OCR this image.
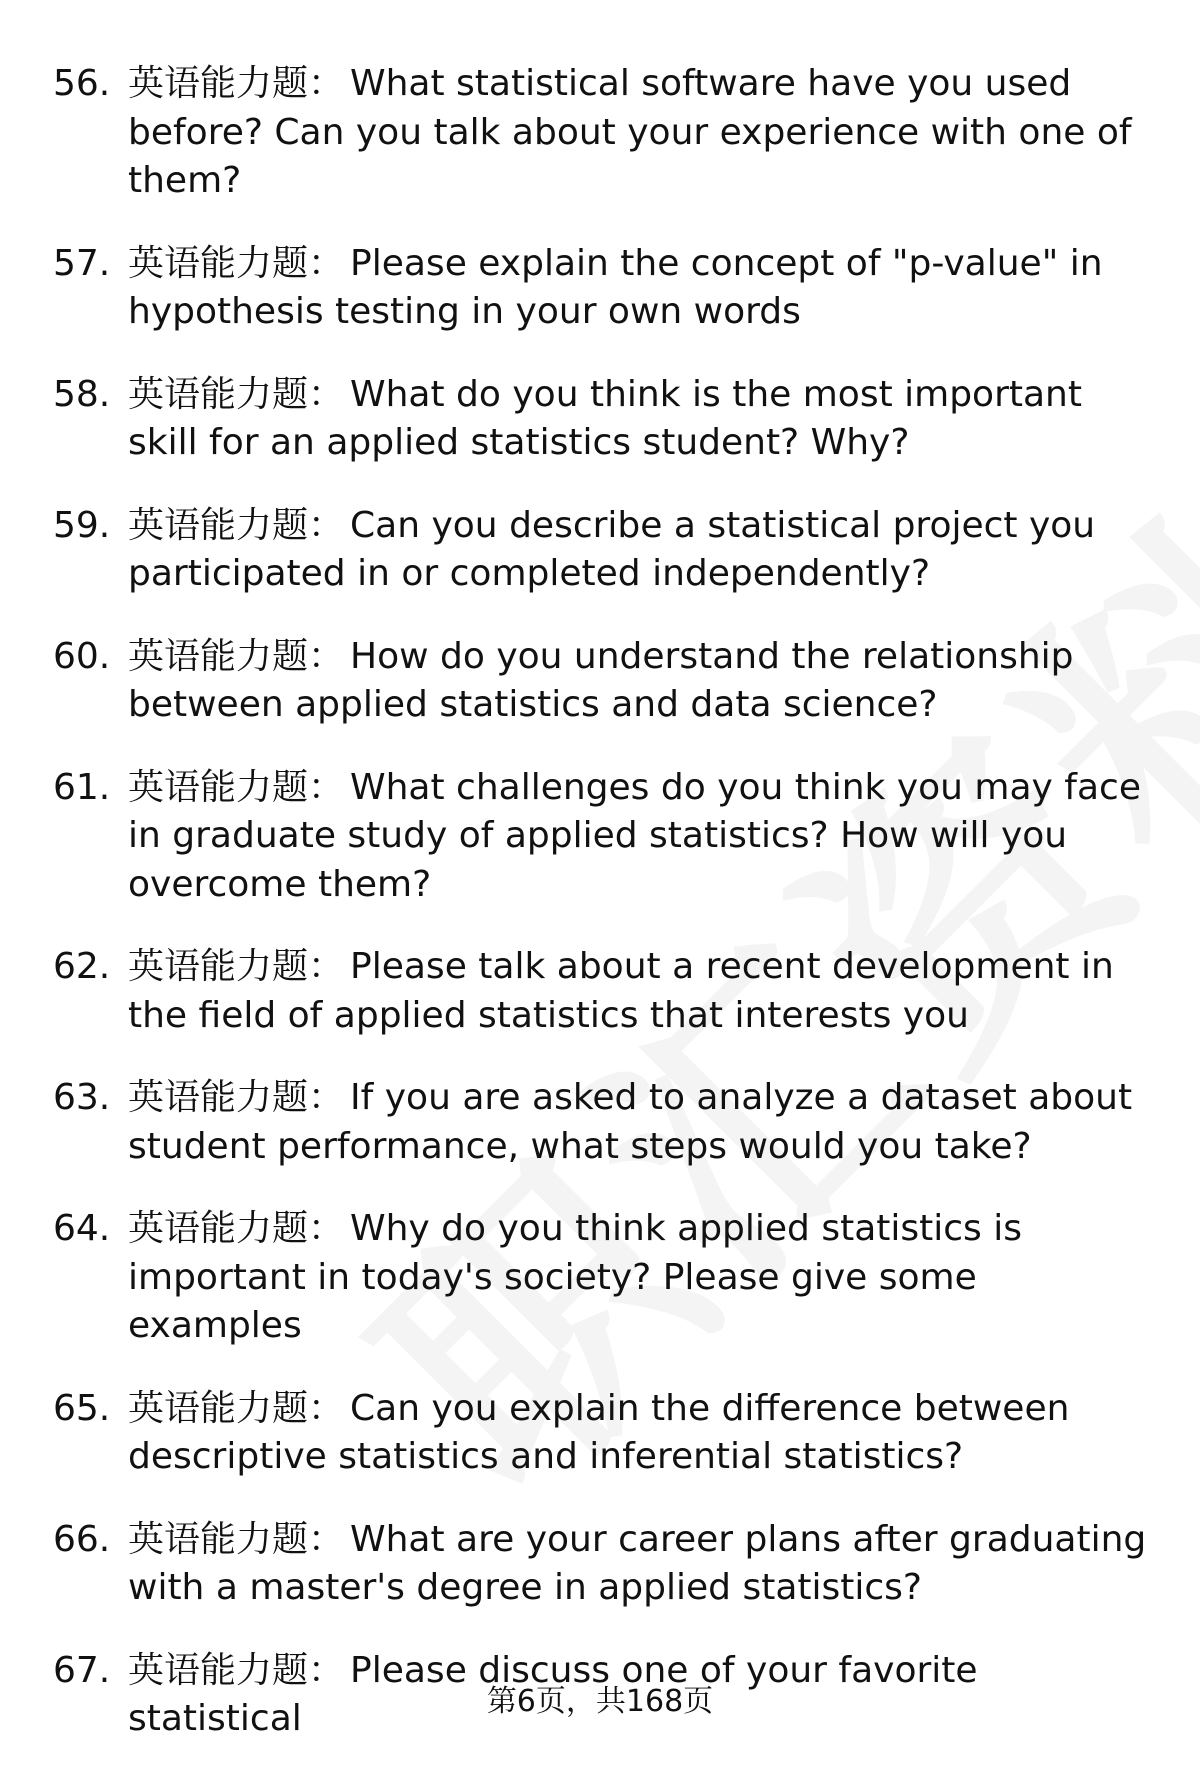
56. 英语能力题： What statistical software have you used before? Can you talk about your experience with one of them?
57. 英语能力题： Please explain the concept of "p-value" in hypothesis testing in your own words
58. 英语能力题： What do you think is the most important skill for an applied statistics student? Why?
59. 英语能力题： Can you describe a statistical project you participated in or completed independently?
60. 英语能力题： How do you understand the relationship between applied statistics and data science?
61. 英语能力题： What challenges do you think you may face in graduate study of applied statistics? How will you overcome them?
62. 英语能力题： Please talk about a recent development in the field of applied statistics that interests you
63. 英语能力题： If you are asked to analyze a dataset about student performance, what steps would you take?
64. 英语能力题： Why do you think applied statistics is important in today's society? Please give some examples
65. 英语能力题： Can you explain the difference between descriptive statistics and inferential statistics?
66. 英语能力题： What are your career plans after graduating with a master's degree in applied statistics?
67. 英语能力题： Please discuss one of your favorite statistical	第6页，共168页
